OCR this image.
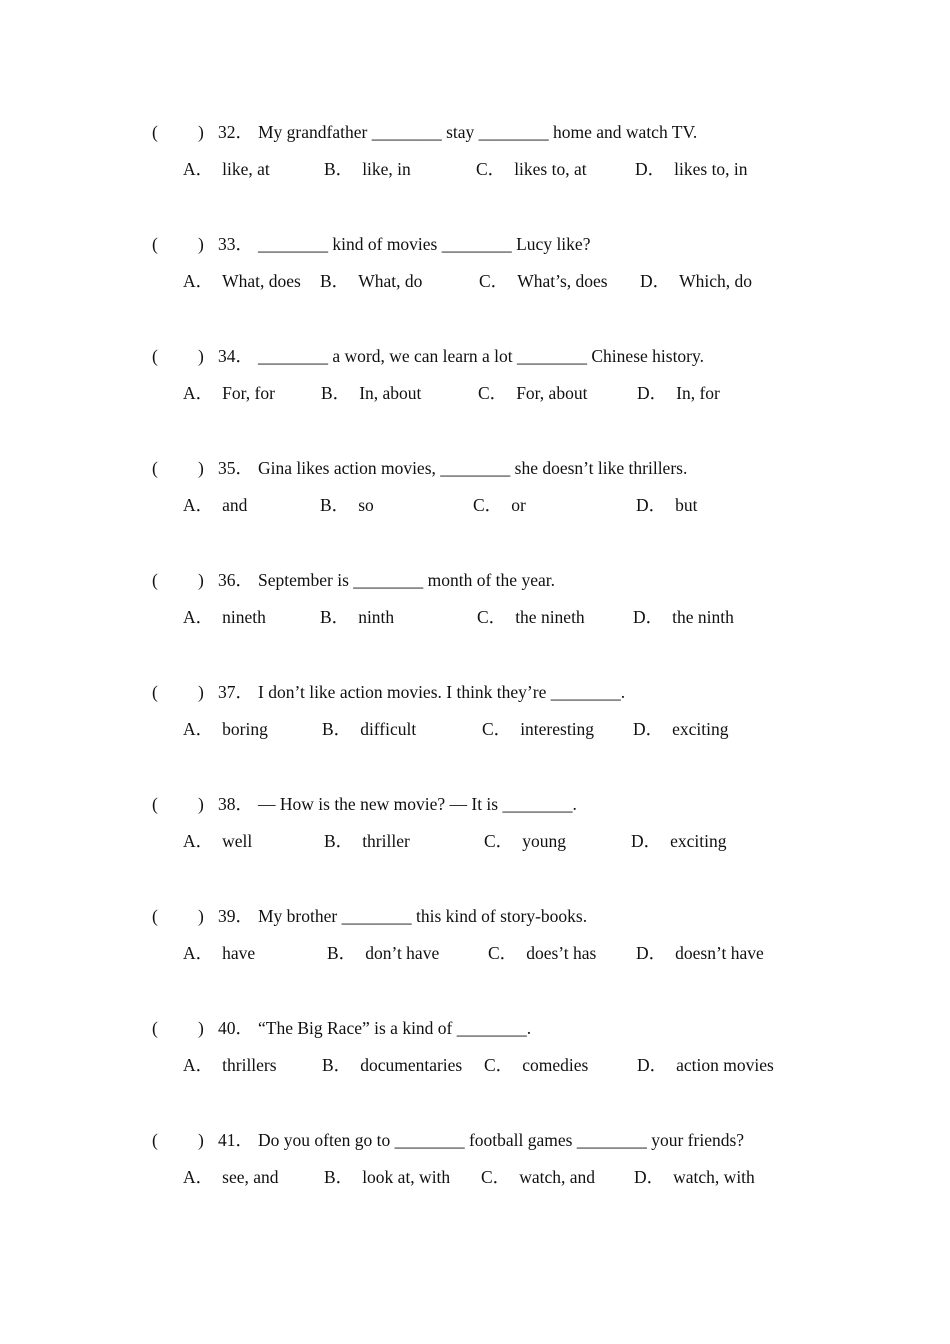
( ) 32． My grandfather ________ stay ________ home and watch TV.
A． like, at	B． like, in	C． likes to, at	D． likes to, in
( ) 33． ________ kind of movies ________ Lucy like?
A． What, does B． What, do	C． What’s, does D． Which, do
( ) 34． ________ a word, we can learn a lot ________ Chinese history.
A． For, for	B． In, about	C． For, about	D． In, for
( ) 35． Gina likes action movies, ________ she doesn’t like thrillers.
A． and	B． so	C． or	D． but
( ) 36． September is ________ month of the year.
A． nineth	B． ninth	C． the nineth	D． the ninth
( ) 37． I don’t like action movies. I think they’re ________.
A． boring	B． difficult	C． interesting D． exciting
( ) 38． — How is the new movie? — It is ________.
A． well	B． thriller	C． young	D． exciting
( ) 39． My brother ________ this kind of story-books.
A． have	B． don’t have	C． does’t has D． doesn’t have
( ) 40． “The Big Race” is a kind of ________.
A． thrillers	B． documentaries C． comedies	D． action movies
( ) 41． Do you often go to ________ football games ________ your friends?
A． see, and	B． look at, with C． watch, and D． watch, with
